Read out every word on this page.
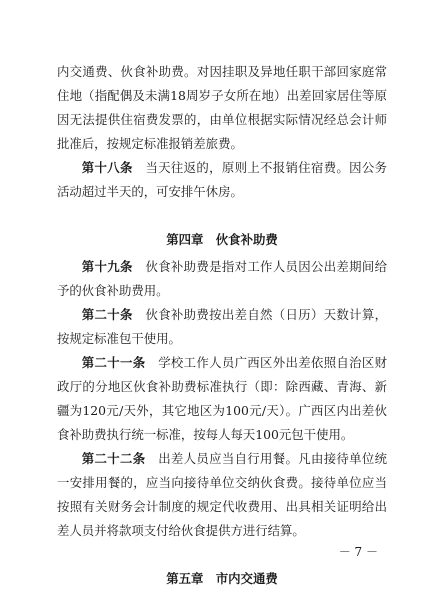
内交通费、伙食补助费。对因挂职及异地任职干部回家庭常住地（指配偶及未满18周岁子女所在地）出差回家居住等原因无法提供住宿费发票的，由单位根据实际情况经总会计师批准后，按规定标准报销差旅费。

第十八条　 当天往返的，原则上不报销住宿费。因公务活动超过半天的，可安排午休房。

第四章　伙食补助费

第十九条　 伙食补助费是指对工作人员因公出差期间给予的伙食补助费用。

第二十条　 伙食补助费按出差自然（日历）天数计算，按规定标准包干使用。

第二十一条　 学校工作人员广西区外出差依照自治区财政厅的分地区伙食补助费标准执行（即：除西藏、青海、新疆为120元/天外，其它地区为100元/天）。广西区内出差伙食补助费执行统一标准，按每人每天100元包干使用。

第二十二条　 出差人员应当自行用餐。凡由接待单位统一安排用餐的，应当向接待单位交纳伙食费。接待单位应当按照有关财务会计制度的规定代收费用、出具相关证明给出差人员并将款项支付给伙食提供方进行结算。

第五章　市内交通费

－ 7 －
